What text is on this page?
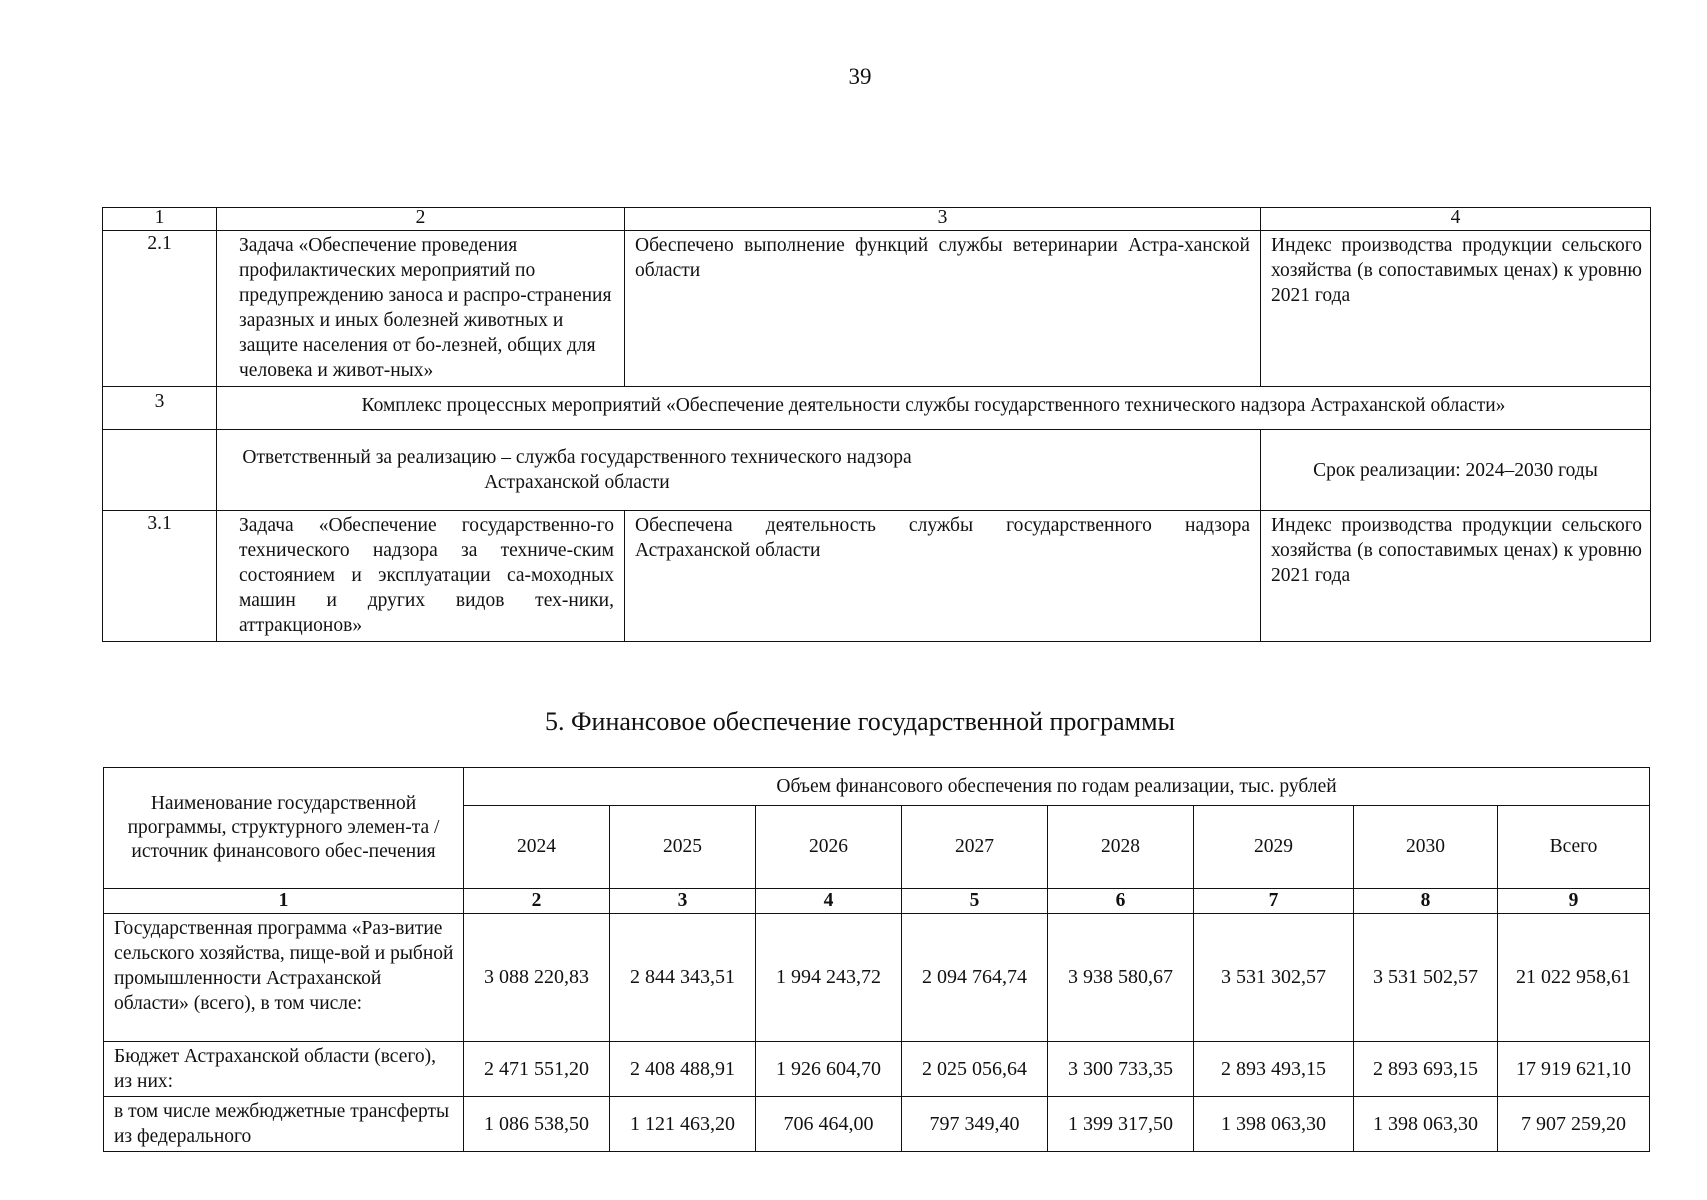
39
1	2	3	4
2.1	Задача «Обеспечение проведения профилактических мероприятий по предупреждению заноса и распро-странения заразных и иных болезней животных и защите населения от бо-лезней, общих для человека и живот-ных»	Обеспечено выполнение функций службы ветеринарии Астра-ханской области	Индекс производства продукции сельского хозяйства (в сопоставимых ценах) к уровню 2021 года
3	Комплекс процессных мероприятий «Обеспечение деятельности службы государственного технического надзора Астраханской области»		

	Ответственный за реализацию – служба государственного технического надзора Астраханской области		Срок реализации: 2024–2030 годы
3.1	Задача «Обеспечение государственно-го технического надзора за техниче-ским состоянием и эксплуатации са-моходных машин и других видов тех-ники, аттракционов»	Обеспечена деятельность службы государственного надзора Астраханской области	Индекс производства продукции сельского хозяйства (в сопоставимых ценах) к уровню 2021 года
5. Финансовое обеспечение государственной программы
Наименование государственной программы, структурного элемен-та / источник финансового обес-печения	Объем финансового обеспечения по годам реализации, тыс. рублей							
	2024	2025	2026	2027	2028	2029	2030	Всего
1	2	3	4	5	6	7	8	9
Государственная программа «Раз-витие сельского хозяйства, пище-вой и рыбной промышленности Астраханской области» (всего), в том числе:	3 088 220,83	2 844 343,51	1 994 243,72	2 094 764,74	3 938 580,67	3 531 302,57	3 531 502,57	21 022 958,61
Бюджет Астраханской области (всего), из них:	2 471 551,20	2 408 488,91	1 926 604,70	2 025 056,64	3 300 733,35	2 893 493,15	2 893 693,15	17 919 621,10
в том числе межбюджетные трансферты из федерального	1 086 538,50	1 121 463,20	706 464,00	797 349,40	1 399 317,50	1 398 063,30	1 398 063,30	7 907 259,20
